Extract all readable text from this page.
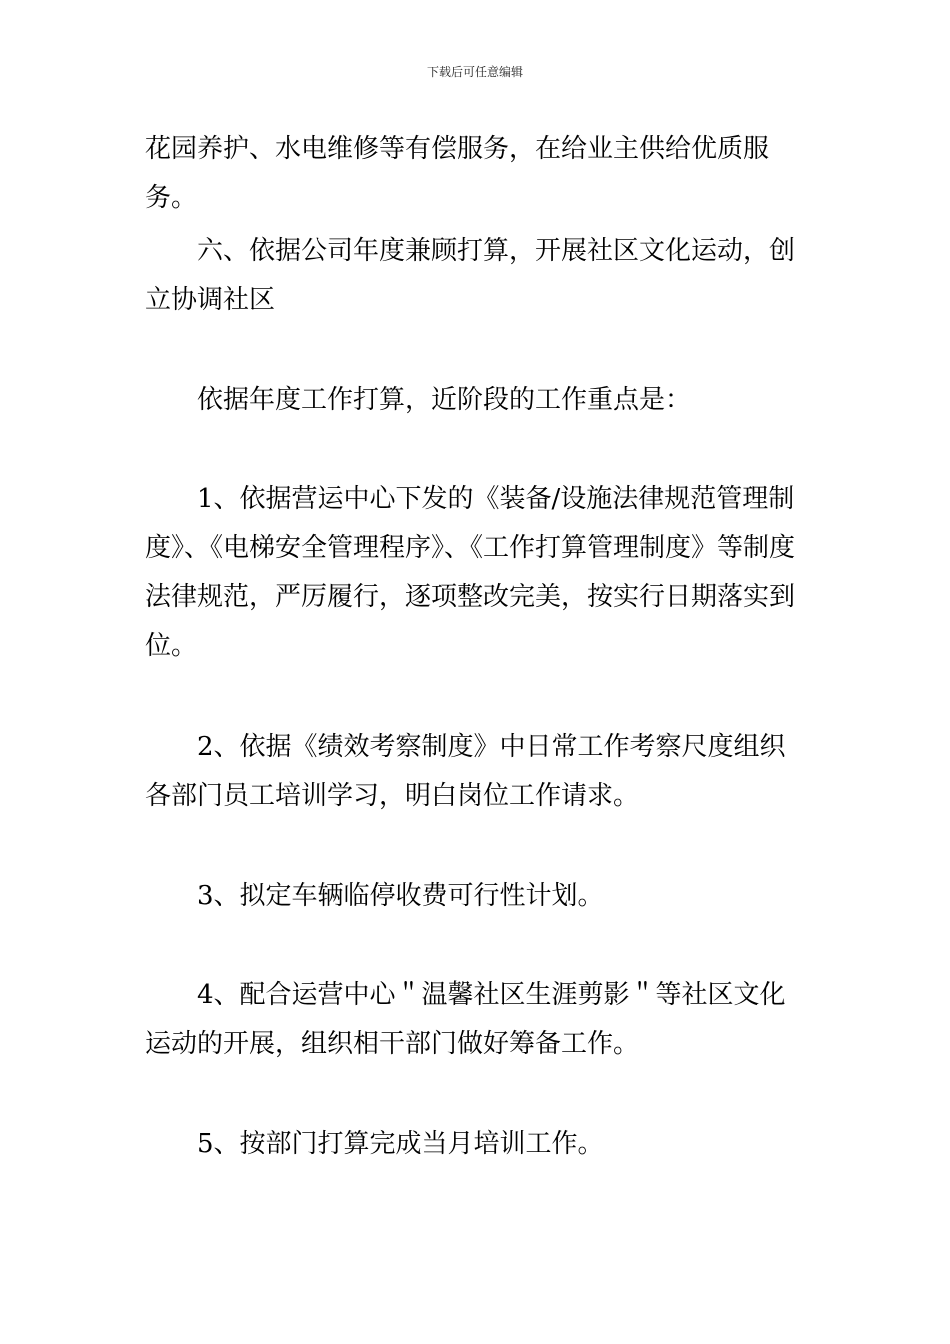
下载后可任意编辑

花园养护、水电维修等有偿服务，在给业主供给优质服务。

六、依据公司年度兼顾打算，开展社区文化运动，创立协调社区

依据年度工作打算，近阶段的工作重点是：

1、依据营运中心下发的《装备/设施法律规范管理制度》、《电梯安全管理程序》、《工作打算管理制度》等制度法律规范，严厉履行，逐项整改完美，按实行日期落实到位。

2、依据《绩效考察制度》中日常工作考察尺度组织各部门员工培训学习，明白岗位工作请求。

3、拟定车辆临停收费可行性计划。

4、配合运营中心＂温馨社区生涯剪影＂等社区文化运动的开展，组织相干部门做好筹备工作。

5、按部门打算完成当月培训工作。
